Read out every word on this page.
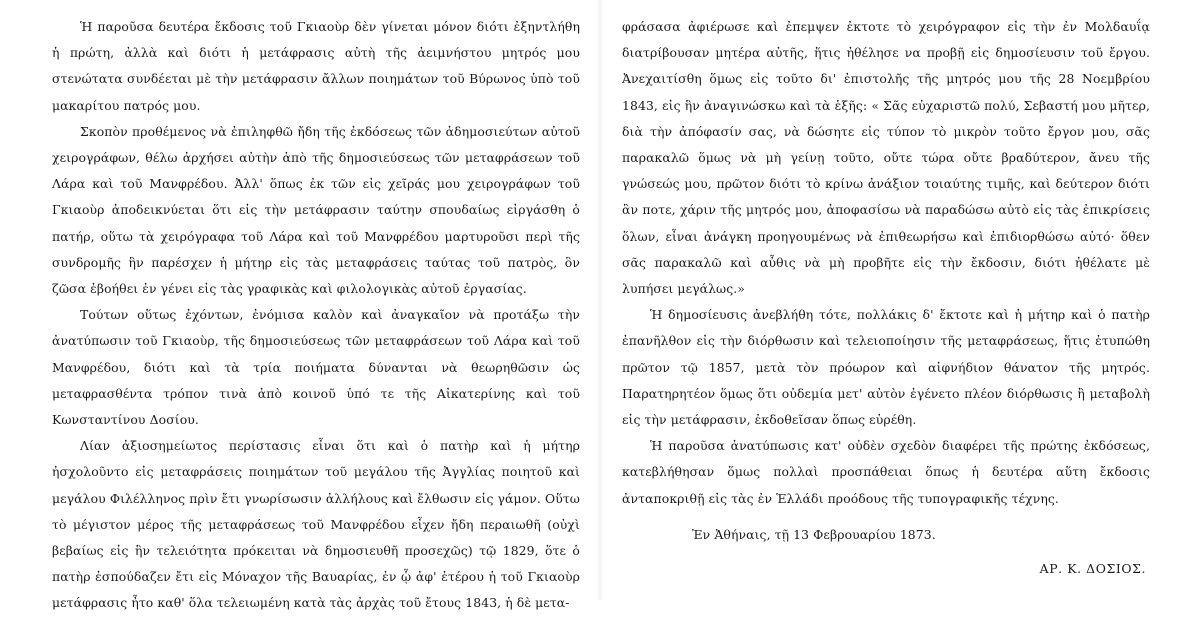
Ἡ παροῦσα δευτέρα ἔκδοσις τοῦ Γκιαοὺρ δὲν γίνεται μόνον διότι ἐξηντλήθη ἡ πρώτη, ἀλλὰ καὶ διότι ἡ μετάφρασις αὐτὴ τῆς ἀειμνήστου μητρός μου στενώτατα συνδέεται μὲ τὴν μετάφρασιν ἄλλων ποιημάτων τοῦ Βύρωνος ὑπὸ τοῦ μακαρίτου πατρός μου.

Σκοπὸν προθέμενος νὰ ἐπιληφθῶ ἤδη τῆς ἐκδόσεως τῶν ἀδημοσιεύτων αὐτοῦ χειρογράφων, θέλω ἀρχήσει αὐτὴν ἀπὸ τῆς δημοσιεύσεως τῶν μεταφράσεων τοῦ Λάρα καὶ τοῦ Μανφρέδου. Ἀλλ' ὅπως ἐκ τῶν εἰς χεῖράς μου χειρογράφων τοῦ Γκιαοὺρ ἀποδεικνύεται ὅτι εἰς τὴν μετάφρασιν ταύτην σπουδαίως εἰργάσθη ὁ πατήρ, οὕτω τὰ χειρόγραφα τοῦ Λάρα καὶ τοῦ Μανφρέδου μαρτυροῦσι περὶ τῆς συνδρομῆς ἣν παρέσχεν ἡ μήτηρ εἰς τὰς μεταφράσεις ταύτας τοῦ πατρὸς, ὃν ζῶσα ἐβοήθει ἐν γένει εἰς τὰς γραφικὰς καὶ φιλολογικὰς αὐτοῦ ἐργασίας.

Τούτων οὕτως ἐχόντων, ἐνόμισα καλὸν καὶ ἀναγκαῖον νὰ προτάξω τὴν ἀνατύπωσιν τοῦ Γκιαοὺρ, τῆς δημοσιεύσεως τῶν μεταφράσεων τοῦ Λάρα καὶ τοῦ Μανφρέδου, διότι καὶ τὰ τρία ποιήματα δύνανται νὰ θεωρηθῶσιν ὡς μεταφρασθέντα τρόπον τινὰ ἀπὸ κοινοῦ ὑπό τε τῆς Αἰκατερίνης καὶ τοῦ Κωνσταντίνου Δοσίου.

Λίαν ἀξιοσημείωτος περίστασις εἶναι ὅτι καὶ ὁ πατὴρ καὶ ἡ μήτηρ ἠσχολοῦντο εἰς μεταφράσεις ποιημάτων τοῦ μεγάλου τῆς Ἀγγλίας ποιητοῦ καὶ μεγάλου Φιλέλληνος πρὶν ἔτι γνωρίσωσιν ἀλλήλους καὶ ἔλθωσιν εἰς γάμον. Οὕτω τὸ μέγιστον μέρος τῆς μεταφράσεως τοῦ Μανφρέδου εἶχεν ἤδη περαιωθῆ (οὐχὶ βεβαίως εἰς ἣν τελειότητα πρόκειται νὰ δημοσιευθῆ προσεχῶς) τῷ 1829, ὅτε ὁ πατὴρ ἐσπούδαζεν ἔτι εἰς Μόναχον τῆς Βαυαρίας, ἐν ᾧ ἀφ' ἑτέρου ἡ τοῦ Γκιαοὺρ μετάφρασις ἦτο καθ' ὅλα τελειωμένη κατὰ τὰς ἀρχὰς τοῦ ἔτους 1843, ἡ δὲ μετα-

φράσασα ἀφιέρωσε καὶ ἐπεμψεν ἐκτοτε τὸ χειρόγραφον εἰς τὴν ἐν Μολδαυΐᾳ διατρίβουσαν μητέρα αὐτῆς, ἥτις ἠθέλησε να προβῇ εἰς δημοσίευσιν τοῦ ἔργου. Ἀνεχαιτίσθη ὅμως εἰς τοῦτο δι' ἐπιστολῆς τῆς μητρός μου τῆς 28 Νοεμβρίου 1843, εἰς ἣν ἀναγινώσκω καὶ τὰ ἑξῆς: « Σᾶς εὐχαριστῶ πολύ, Σεβαστή μου μῆτερ, διὰ τὴν ἀπόφασίν σας, νὰ δώσητε εἰς τύπον τὸ μικρὸν τοῦτο ἔργον μου, σᾶς παρακαλῶ ὅμως νὰ μὴ γείνῃ τοῦτο, οὔτε τώρα οὔτε βραδύτερον, ἄνευ τῆς γνώσεώς μου, πρῶτον διότι τὸ κρίνω ἀνάξιον τοιαύτης τιμῆς, καὶ δεύτερον διότι ἂν ποτε, χάριν τῆς μητρός μου, ἀποφασίσω νὰ παραδώσω αὐτὸ εἰς τὰς ἐπικρίσεις ὅλων, εἶναι ἀνάγκη προηγουμένως νὰ ἐπιθεωρήσω καὶ ἐπιδιορθώσω αὐτό· ὅθεν σᾶς παρακαλῶ καὶ αὖθις νὰ μὴ προβῆτε εἰς τὴν ἔκδοσιν, διότι ἠθέλατε μὲ λυπήσει μεγάλως.»

Ἡ δημοσίευσις ἀνεβλήθη τότε, πολλάκις δ' ἔκτοτε καὶ ἡ μήτηρ καὶ ὁ πατὴρ ἐπανῆλθον εἰς τὴν διόρθωσιν καὶ τελειοποίησιν τῆς μεταφράσεως, ἥτις ἐτυπώθη πρῶτον τῷ 1857, μετὰ τὸν πρόωρον καὶ αἰφνήδιον θάνατον τῆς μητρός. Παρατηρητέον ὅμως ὅτι οὐδεμία μετ' αὐτὸν ἐγένετο πλέον διόρθωσις ἢ μεταβολὴ εἰς τὴν μετάφρασιν, ἐκδοθεῖσαν ὅπως εὑρέθη.

Ἡ παροῦσα ἀνατύπωσις κατ' οὐδὲν σχεδὸν διαφέρει τῆς πρώτης ἐκδόσεως, κατεβλήθησαν ὅμως πολλαὶ προσπάθειαι ὅπως ἡ δευτέρα αὕτη ἔκδοσις ἀνταποκριθῇ εἰς τὰς ἐν Ἑλλάδι προόδους τῆς τυπογραφικῆς τέχνης.

Ἐν Ἀθήναις, τῇ 13 Φεβρουαρίου 1873.
ΑΡ. Κ. ΔΟΣΙΟΣ.
